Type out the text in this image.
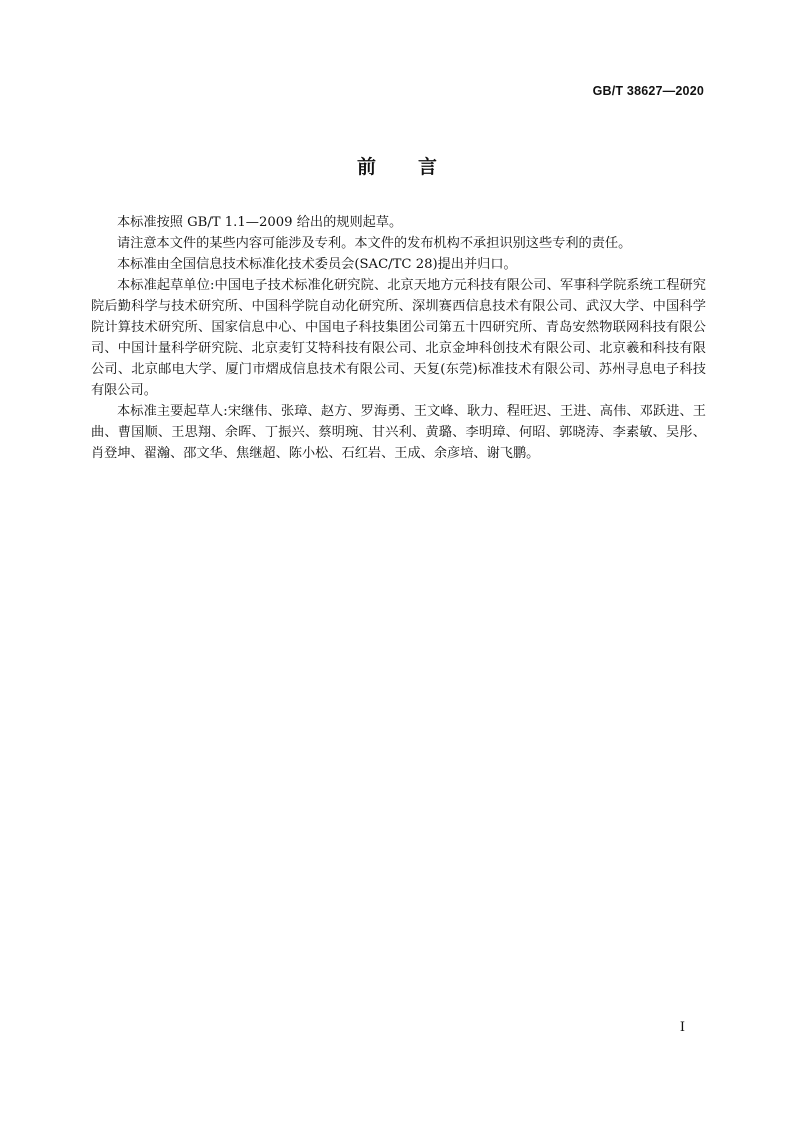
GB/T 38627—2020
前言

本标准按照 GB/T 1.1—2009 给出的规则起草。

请注意本文件的某些内容可能涉及专利。本文件的发布机构不承担识别这些专利的责任。

本标准由全国信息技术标准化技术委员会(SAC/TC 28)提出并归口。

本标准起草单位:中国电子技术标准化研究院、北京天地方元科技有限公司、军事科学院系统工程研究院后勤科学与技术研究所、中国科学院自动化研究所、深圳赛西信息技术有限公司、武汉大学、中国科学院计算技术研究所、国家信息中心、中国电子科技集团公司第五十四研究所、青岛安然物联网科技有限公司、中国计量科学研究院、北京麦钉艾特科技有限公司、北京金坤科创技术有限公司、北京羲和科技有限公司、北京邮电大学、厦门市熠成信息技术有限公司、天复(东莞)标准技术有限公司、苏州寻息电子科技有限公司。

本标准主要起草人:宋继伟、张璋、赵方、罗海勇、王文峰、耿力、程旺迟、王进、高伟、邓跃进、王曲、曹国顺、王思翔、余晖、丁振兴、蔡明琬、甘兴利、黄璐、李明璋、何昭、郭晓涛、李素敏、吴彤、肖登坤、翟瀚、邵文华、焦继超、陈小松、石红岩、王成、余彦培、谢飞鹏。

I
